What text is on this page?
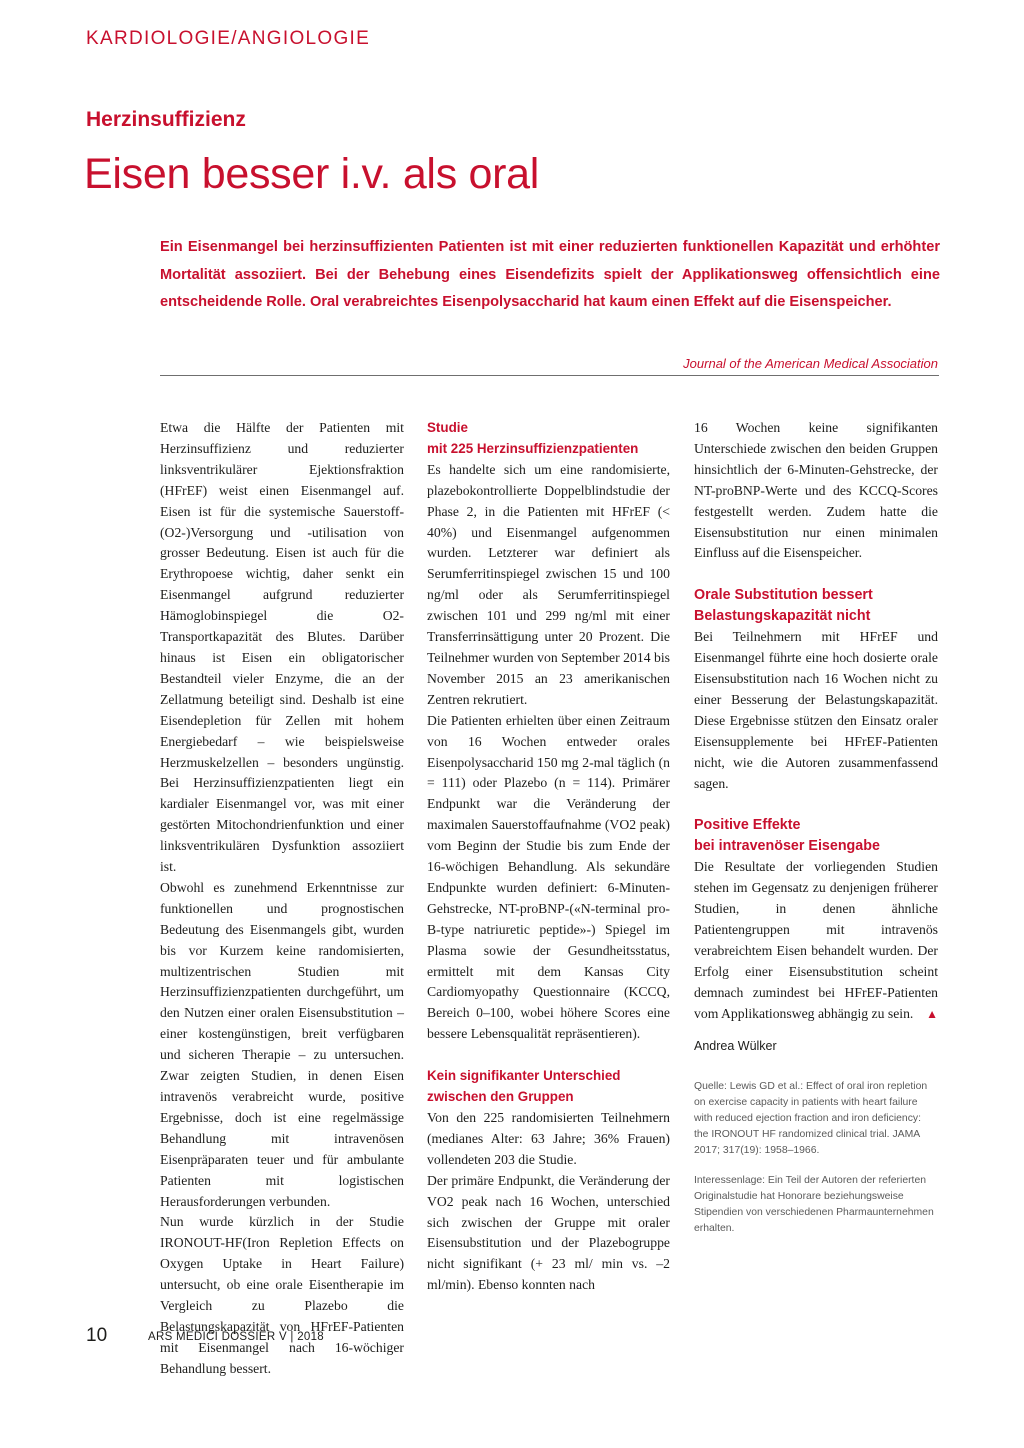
KARDIOLOGIE/ANGIOLOGIE
Herzinsuffizienz
Eisen besser i.v. als oral

Ein Eisenmangel bei herzinsuffizienten Patienten ist mit einer reduzierten funktionellen Kapazität und erhöhter Mortalität assoziiert. Bei der Behebung eines Eisendefizits spielt der Applikationsweg offensichtlich eine entscheidende Rolle. Oral verabreichtes Eisenpolysaccharid hat kaum einen Effekt auf die Eisenspeicher.

Journal of the American Medical Association

Etwa die Hälfte der Patienten mit Herzinsuffizienz und reduzierter linksventrikulärer Ejektionsfraktion (HFrEF) weist einen Eisenmangel auf. Eisen ist für die systemische Sauerstoff-(O2-)Versorgung und -utilisation von grosser Bedeutung. Eisen ist auch für die Erythropoese wichtig, daher senkt ein Eisenmangel aufgrund reduzierter Hämoglobinspiegel die O2-Transportkapazität des Blutes. Darüber hinaus ist Eisen ein obligatorischer Bestandteil vieler Enzyme, die an der Zellatmung beteiligt sind. Deshalb ist eine Eisendepletion für Zellen mit hohem Energiebedarf – wie beispielsweise Herzmuskelzellen – besonders ungünstig. Bei Herzinsuffizienzpatienten liegt ein kardialer Eisenmangel vor, was mit einer gestörten Mitochondrienfunktion und einer linksventrikulären Dysfunktion assoziiert ist.

Obwohl es zunehmend Erkenntnisse zur funktionellen und prognostischen Bedeutung des Eisenmangels gibt, wurden bis vor Kurzem keine randomisierten, multizentrischen Studien mit Herzinsuffizienzpatienten durchgeführt, um den Nutzen einer oralen Eisensubstitution – einer kostengünstigen, breit verfügbaren und sicheren Therapie – zu untersuchen. Zwar zeigten Studien, in denen Eisen intravenös verabreicht wurde, positive Ergebnisse, doch ist eine regelmässige Behandlung mit intravenösen Eisenpräparaten teuer und für ambulante Patienten mit logistischen Herausforderungen verbunden.

Nun wurde kürzlich in der Studie IRONOUT-HF(Iron Repletion Effects on Oxygen Uptake in Heart Failure) untersucht, ob eine orale Eisentherapie im Vergleich zu Plazebo die Belastungskapazität von HFrEF-Patienten mit Eisenmangel nach 16-wöchiger Behandlung bessert.

Studie
mit 225 Herzinsuffizienzpatienten

Es handelte sich um eine randomisierte, plazebokontrollierte Doppelblindstudie der Phase 2, in die Patienten mit HFrEF (< 40%) und Eisenmangel aufgenommen wurden. Letzterer war definiert als Serumferritinspiegel zwischen 15 und 100 ng/ml oder als Serumferritinspiegel zwischen 101 und 299 ng/ml mit einer Transferrinsättigung unter 20 Prozent. Die Teilnehmer wurden von September 2014 bis November 2015 an 23 amerikanischen Zentren rekrutiert.

Die Patienten erhielten über einen Zeitraum von 16 Wochen entweder orales Eisenpolysaccharid 150 mg 2-mal täglich (n = 111) oder Plazebo (n = 114). Primärer Endpunkt war die Veränderung der maximalen Sauerstoffaufnahme (VO2 peak) vom Beginn der Studie bis zum Ende der 16-wöchigen Behandlung. Als sekundäre Endpunkte wurden definiert: 6-Minuten-Gehstrecke, NT-proBNP-(«N-terminal pro-B-type natriuretic peptide»-) Spiegel im Plasma sowie der Gesundheitsstatus, ermittelt mit dem Kansas City Cardiomyopathy Questionnaire (KCCQ, Bereich 0–100, wobei höhere Scores eine bessere Lebensqualität repräsentieren).

Kein signifikanter Unterschied
zwischen den Gruppen

Von den 225 randomisierten Teilnehmern (medianes Alter: 63 Jahre; 36% Frauen) vollendeten 203 die Studie.

Der primäre Endpunkt, die Veränderung der VO2 peak nach 16 Wochen, unterschied sich zwischen der Gruppe mit oraler Eisensubstitution und der Plazebogruppe nicht signifikant (+ 23 ml/ min vs. –2 ml/min). Ebenso konnten nach

16 Wochen keine signifikanten Unterschiede zwischen den beiden Gruppen hinsichtlich der 6-Minuten-Gehstrecke, der NT-proBNP-Werte und des KCCQ-Scores festgestellt werden. Zudem hatte die Eisensubstitution nur einen minimalen Einfluss auf die Eisenspeicher.

Orale Substitution bessert
Belastungskapazität nicht

Bei Teilnehmern mit HFrEF und Eisenmangel führte eine hoch dosierte orale Eisensubstitution nach 16 Wochen nicht zu einer Besserung der Belastungskapazität. Diese Ergebnisse stützen den Einsatz oraler Eisensupplemente bei HFrEF-Patienten nicht, wie die Autoren zusammenfassend sagen.

Positive Effekte
bei intravenöser Eisengabe

Die Resultate der vorliegenden Studien stehen im Gegensatz zu denjenigen früherer Studien, in denen ähnliche Patientengruppen mit intravenös verabreichtem Eisen behandelt wurden. Der Erfolg einer Eisensubstitution scheint demnach zumindest bei HFrEF-Patienten vom Applikationsweg abhängig zu sein. ▲

Andrea Wülker

Quelle: Lewis GD et al.: Effect of oral iron repletion on exercise capacity in patients with heart failure with reduced ejection fraction and iron deficiency: the IRONOUT HF randomized clinical trial. JAMA 2017; 317(19): 1958–1966.

Interessenlage: Ein Teil der Autoren der referierten Originalstudie hat Honorare beziehungsweise Stipendien von verschiedenen Pharmaunternehmen erhalten.

10	ARS MEDICI DOSSIER V | 2018
